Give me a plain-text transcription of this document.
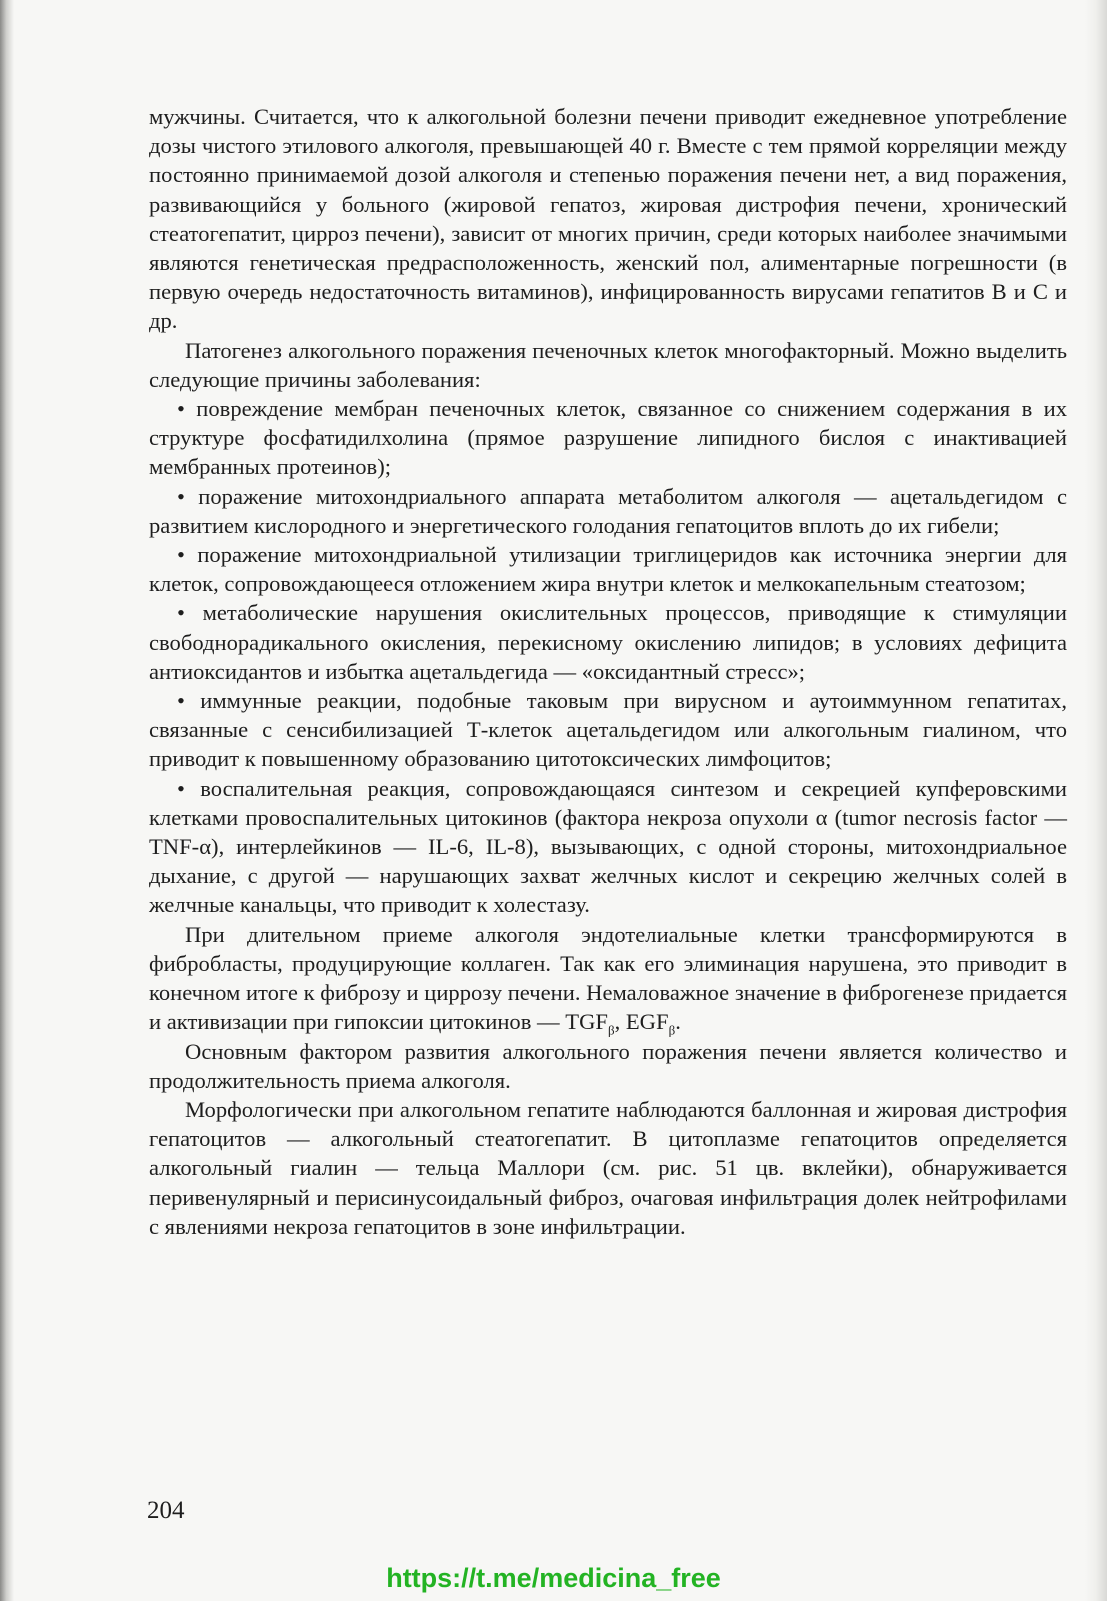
мужчины. Считается, что к алкогольной болезни печени приводит ежедневное употребление дозы чистого этилового алкоголя, превышающей 40 г. Вместе с тем прямой корреляции между постоянно принимаемой дозой алкоголя и степенью поражения печени нет, а вид поражения, развивающийся у больного (жировой гепатоз, жировая дистрофия печени, хронический стеатогепатит, цирроз печени), зависит от многих причин, среди которых наиболее значимыми являются генетическая предрасположенность, женский пол, алиментарные погрешности (в первую очередь недостаточность витаминов), инфицированность вирусами гепатитов В и С и др.

Патогенез алкогольного поражения печеночных клеток многофакторный. Можно выделить следующие причины заболевания:

• повреждение мембран печеночных клеток, связанное со снижением содержания в их структуре фосфатидилхолина (прямое разрушение липидного бислоя с инактивацией мембранных протеинов);

• поражение митохондриального аппарата метаболитом алкоголя — ацетальдегидом с развитием кислородного и энергетического голодания гепатоцитов вплоть до их гибели;

• поражение митохондриальной утилизации триглицеридов как источника энергии для клеток, сопровождающееся отложением жира внутри клеток и мелкокапельным стеатозом;

• метаболические нарушения окислительных процессов, приводящие к стимуляции свободнорадикального окисления, перекисному окислению липидов; в условиях дефицита антиоксидантов и избытка ацетальдегида — «оксидантный стресс»;

• иммунные реакции, подобные таковым при вирусном и аутоиммунном гепатитах, связанные с сенсибилизацией Т-клеток ацетальдегидом или алкогольным гиалином, что приводит к повышенному образованию цитотоксических лимфоцитов;

• воспалительная реакция, сопровождающаяся синтезом и секрецией купферовскими клетками провоспалительных цитокинов (фактора некроза опухоли α (tumor necrosis factor — TNF-α), интерлейкинов — IL-6, IL-8), вызывающих, с одной стороны, митохондриальное дыхание, с другой — нарушающих захват желчных кислот и секрецию желчных солей в желчные канальцы, что приводит к холестазу.

При длительном приеме алкоголя эндотелиальные клетки трансформируются в фибробласты, продуцирующие коллаген. Так как его элиминация нарушена, это приводит в конечном итоге к фиброзу и циррозу печени. Немаловажное значение в фиброгенезе придается и активизации при гипоксии цитокинов — $TGF_\beta$, $EGF_\beta$.

Основным фактором развития алкогольного поражения печени является количество и продолжительность приема алкоголя.

Морфологически при алкогольном гепатите наблюдаются баллонная и жировая дистрофия гепатоцитов — алкогольный стеатогепатит. В цитоплазме гепатоцитов определяется алкогольный гиалин — тельца Маллори (см. рис. 51 цв. вклейки), обнаруживается перивенулярный и перисинусоидальный фиброз, очаговая инфильтрация долек нейтрофилами с явлениями некроза гепатоцитов в зоне инфильтрации.

204
https://t.me/medicina_free
